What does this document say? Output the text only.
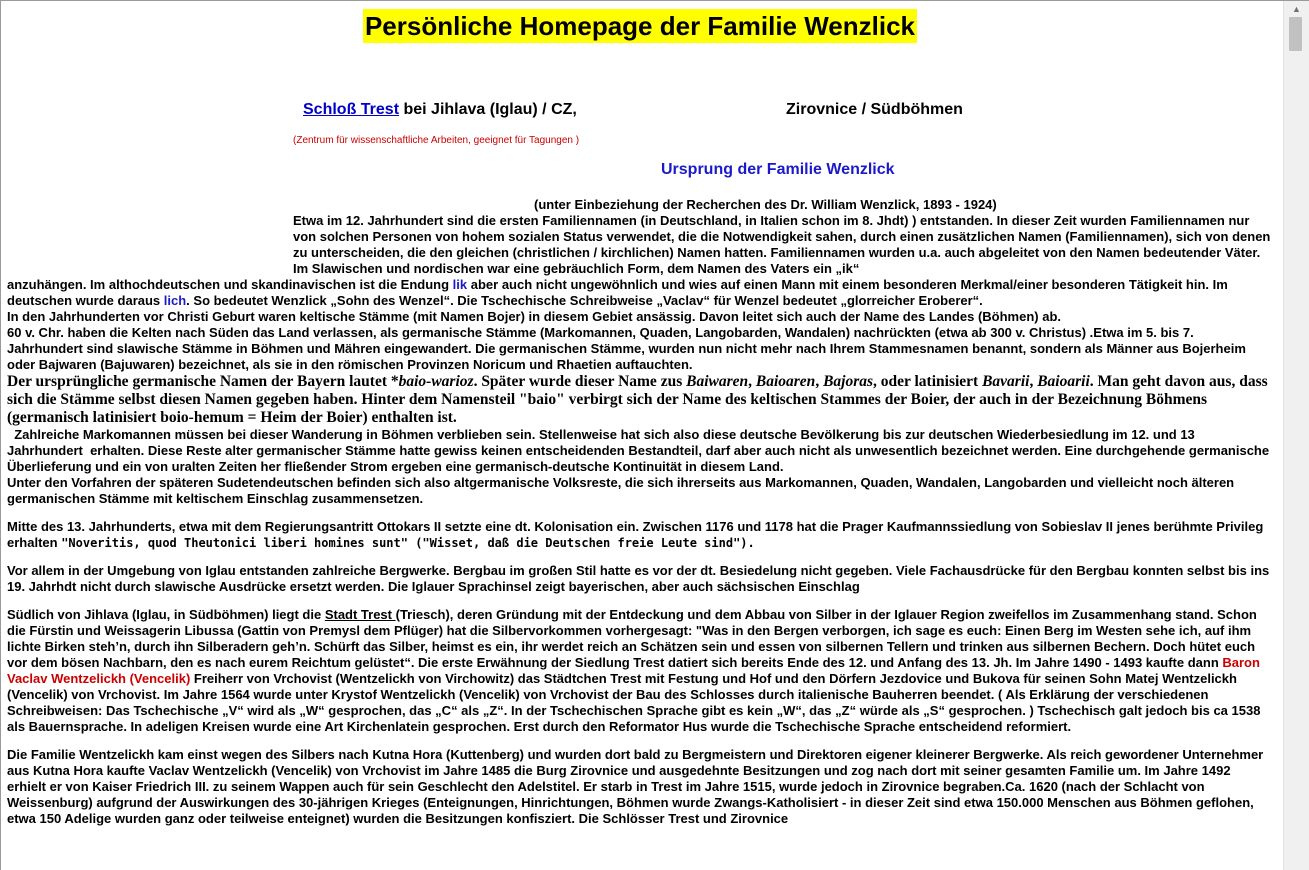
Persönliche Homepage der Familie Wenzlick
Schloß Trest bei Jihlava (Iglau) / CZ,	Zirovnice / Südböhmen
(Zentrum für wissenschaftliche Arbeiten, geeignet für Tagungen )
Ursprung der Familie Wenzlick
(unter Einbeziehung der Recherchen des Dr. William Wenzlick, 1893 - 1924)
Etwa im 12. Jahrhundert sind die ersten Familiennamen (in Deutschland, in Italien schon im 8. Jhdt) ) entstanden. In dieser Zeit wurden Familiennamen nur von solchen Personen von hohem sozialen Status verwendet, die die Notwendigkeit sahen, durch einen zusätzlichen Namen (Familiennamen), sich von denen zu unterscheiden, die den gleichen (christlichen / kirchlichen) Namen hatten. Familiennamen wurden u.a. auch abgeleitet von den Namen bedeutender Väter. Im Slawischen und nordischen war eine gebräuchlich Form, dem Namen des Vaters ein „ik“
anzuhängen. Im althochdeutschen und skandinavischen ist die Endung lik aber auch nicht ungewöhnlich und wies auf einen Mann mit einem besonderen Merkmal/einer besonderen Tätigkeit hin. Im deutschen wurde daraus lich. So bedeutet Wenzlick „Sohn des Wenzel“. Die Tschechische Schreibweise „Vaclav“ für Wenzel bedeutet „glorreicher Eroberer“.
In den Jahrhunderten vor Christi Geburt waren keltische Stämme (mit Namen Bojer) in diesem Gebiet ansässig. Davon leitet sich auch der Name des Landes (Böhmen) ab.
60 v. Chr. haben die Kelten nach Süden das Land verlassen, als germanische Stämme (Markomannen, Quaden, Langobarden, Wandalen) nachrückten (etwa ab 300 v. Christus) .Etwa im 5. bis 7. Jahrhundert sind slawische Stämme in Böhmen und Mähren eingewandert. Die germanischen Stämme, wurden nun nicht mehr nach Ihrem Stammesnamen benannt, sondern als Männer aus Bojerheim oder Bajwaren (Bajuwaren) bezeichnet, als sie in den römischen Provinzen Noricum und Rhaetien auftauchten.
Der ursprüngliche germanische Namen der Bayern lautet *baio-warioz. Später wurde dieser Name zus Baiwaren, Baioaren, Bajoras, oder latinisiert Bavarii, Baioarii. Man geht davon aus, dass sich die Stämme selbst diesen Namen gegeben haben. Hinter dem Namensteil "baio" verbirgt sich der Name des keltischen Stammes der Boier, der auch in der Bezeichnung Böhmens (germanisch latinisiert boio-hemum = Heim der Boier) enthalten ist.
Zahlreiche Markomannen müssen bei dieser Wanderung in Böhmen verblieben sein. Stellenweise hat sich also diese deutsche Bevölkerung bis zur deutschen Wiederbesiedlung im 12. und 13 Jahrhundert  erhalten. Diese Reste alter germanischer Stämme hatte gewiss keinen entscheidenden Bestandteil, darf aber auch nicht als unwesentlich bezeichnet werden. Eine durchgehende germanische Überlieferung und ein von uralten Zeiten her fließender Strom ergeben eine germanisch-deutsche Kontinuität in diesem Land.
Unter den Vorfahren der späteren Sudetendeutschen befinden sich also altgermanische Volksreste, die sich ihrerseits aus Markomannen, Quaden, Wandalen, Langobarden und vielleicht noch älteren germanischen Stämme mit keltischem Einschlag zusammensetzen.
Mitte des 13. Jahrhunderts, etwa mit dem Regierungsantritt Ottokars II setzte eine dt. Kolonisation ein. Zwischen 1176 und 1178 hat die Prager Kaufmannssiedlung von Sobieslav II jenes berühmte Privileg erhalten "Noveritis, quod Theutonici liberi homines sunt" ("Wisset, daß die Deutschen freie Leute sind").
Vor allem in der Umgebung von Iglau entstanden zahlreiche Bergwerke. Bergbau im großen Stil hatte es vor der dt. Besiedelung nicht gegeben. Viele Fachausdrücke für den Bergbau konnten selbst bis ins 19. Jahrhdt nicht durch slawische Ausdrücke ersetzt werden. Die Iglauer Sprachinsel zeigt bayerischen, aber auch sächsischen Einschlag
Südlich von Jihlava (Iglau, in Südböhmen) liegt die Stadt Trest (Triesch), deren Gründung mit der Entdeckung und dem Abbau von Silber in der Iglauer Region zweifellos im Zusammenhang stand. Schon die Fürstin und Weissagerin Libussa (Gattin von Premysl dem Pflüger) hat die Silbervorkommen vorhergesagt: "Was in den Bergen verborgen, ich sage es euch: Einen Berg im Westen sehe ich, auf ihm lichte Birken steh’n, durch ihn Silberadern geh’n. Schürft das Silber, heimst es ein, ihr werdet reich an Schätzen sein und essen von silbernen Tellern und trinken aus silbernen Bechern. Doch hütet euch vor dem bösen Nachbarn, den es nach eurem Reichtum gelüstet“. Die erste Erwähnung der Siedlung Trest datiert sich bereits Ende des 12. und Anfang des 13. Jh. Im Jahre 1490 - 1493 kaufte dann Baron Vaclav Wentzelickh (Vencelik) Freiherr von Vrchovist (Wentzelickh von Virchowitz) das Städtchen Trest mit Festung und Hof und den Dörfern Jezdovice und Bukova für seinen Sohn Matej Wentzelickh (Vencelik) von Vrchovist. Im Jahre 1564 wurde unter Krystof Wentzelickh (Vencelik) von Vrchovist der Bau des Schlosses durch italienische Bauherren beendet. ( Als Erklärung der verschiedenen Schreibweisen: Das Tschechische „V“ wird als „W“ gesprochen, das „C“ als „Z“. In der Tschechischen Sprache gibt es kein „W“, das „Z“ würde als „S“ gesprochen. ) Tschechisch galt jedoch bis ca 1538 als Bauernsprache. In adeligen Kreisen wurde eine Art Kirchenlatein gesprochen. Erst durch den Reformator Hus wurde die Tschechische Sprache entscheidend reformiert.
Die Familie Wentzelickh kam einst wegen des Silbers nach Kutna Hora (Kuttenberg) und wurden dort bald zu Bergmeistern und Direktoren eigener kleinerer Bergwerke. Als reich gewordener Unternehmer aus Kutna Hora kaufte Vaclav Wentzelickh (Vencelik) von Vrchovist im Jahre 1485 die Burg Zirovnice und ausgedehnte Besitzungen und zog nach dort mit seiner gesamten Familie um. Im Jahre 1492 erhielt er von Kaiser Friedrich III. zu seinem Wappen auch für sein Geschlecht den Adelstitel. Er starb in Trest im Jahre 1515, wurde jedoch in Zirovnice begraben.Ca. 1620 (nach der Schlacht von Weissenburg) aufgrund der Auswirkungen des 30-jährigen Krieges (Enteignungen, Hinrichtungen, Böhmen wurde Zwangs-Katholisiert - in dieser Zeit sind etwa 150.000 Menschen aus Böhmen geflohen, etwa 150 Adelige wurden ganz oder teilweise enteignet) wurden die Besitzungen konfisziert. Die Schlösser Trest und Zirovnice
▲
